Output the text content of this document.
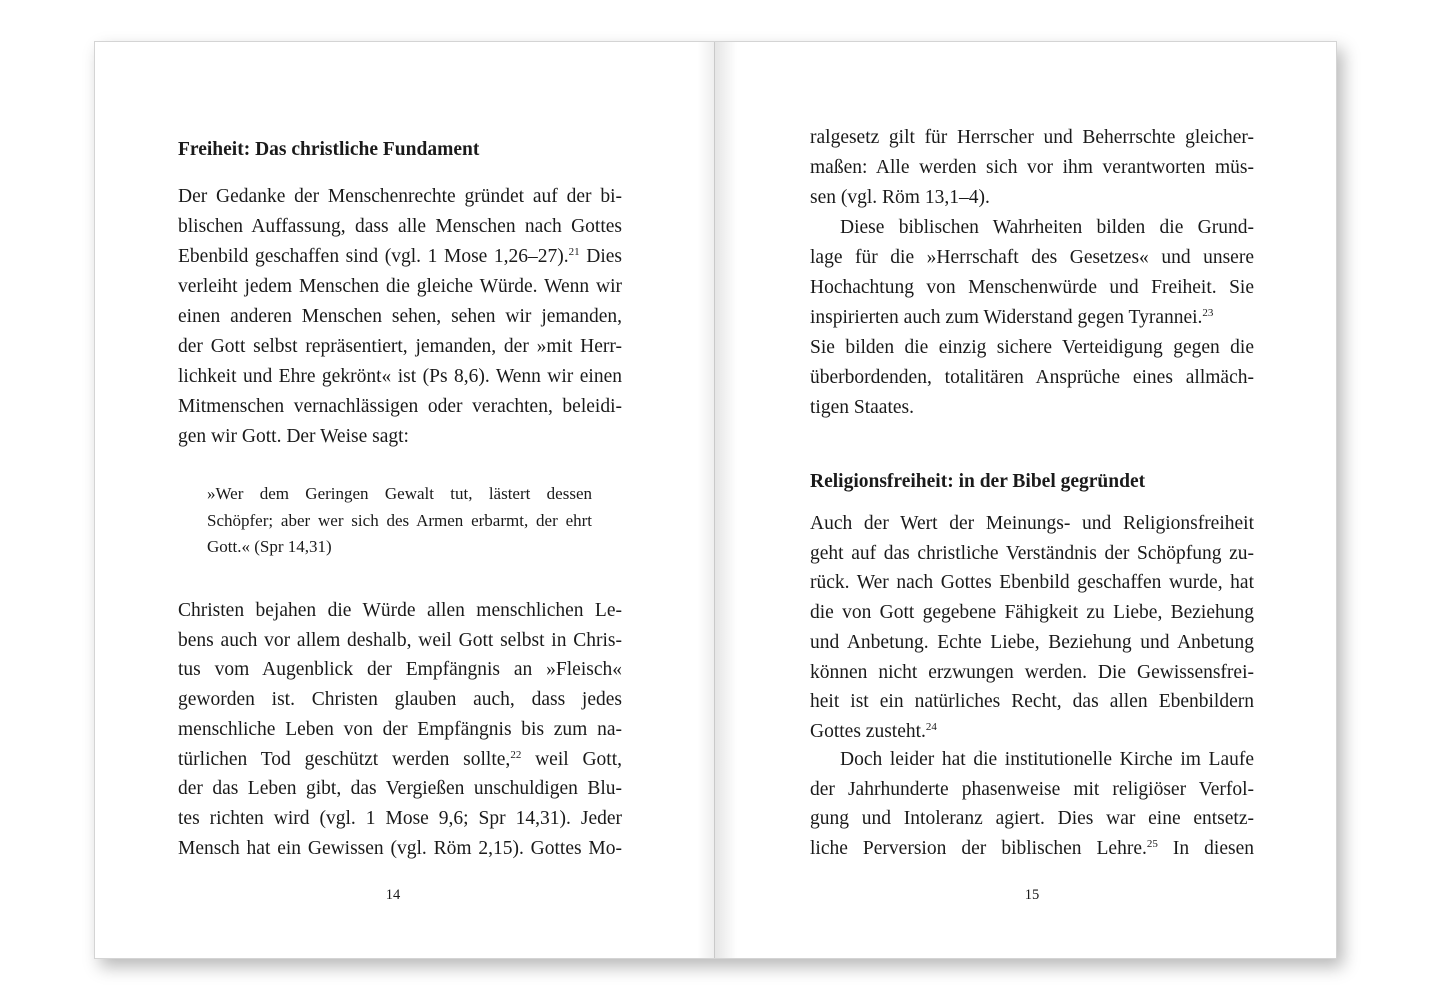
Freiheit: Das christliche Fundament
14
Der Gedanke der Menschenrechte gründet auf der bi-
blischen Auffassung, dass alle Menschen nach Gottes
Ebenbild geschaffen sind (vgl. 1 Mose 1,26–27).$^{21}$ Dies
verleiht jedem Menschen die gleiche Würde. Wenn wir
einen anderen Menschen sehen, sehen wir jemanden,
der Gott selbst repräsentiert, jemanden, der »mit Herr-
lichkeit und Ehre gekrönt« ist (Ps 8,6). Wenn wir einen
Mitmenschen vernachlässigen oder verachten, beleidi-
gen wir Gott. Der Weise sagt:
»Wer dem Geringen Gewalt tut, lästert dessen
Schöpfer; aber wer sich des Armen erbarmt, der ehrt
Gott.« (Spr 14,31)
Christen bejahen die Würde allen menschlichen Le-
bens auch vor allem deshalb, weil Gott selbst in Chris-
tus vom Augenblick der Empfängnis an »Fleisch«
geworden ist. Christen glauben auch, dass jedes
menschliche Leben von der Empfängnis bis zum na-
türlichen Tod geschützt werden sollte,$^{22}$ weil Gott,
der das Leben gibt, das Vergießen unschuldigen Blu-
tes richten wird (vgl. 1 Mose 9,6; Spr 14,31). Jeder
Mensch hat ein Gewissen (vgl. Röm 2,15). Gottes Mo-
Religionsfreiheit: in der Bibel gegründet
15
ralgesetz gilt für Herrscher und Beherrschte gleicher-
maßen: Alle werden sich vor ihm verantworten müs-
sen (vgl. Röm 13,1–4).
Diese biblischen Wahrheiten bilden die Grund-
lage für die »Herrschaft des Gesetzes« und unsere
Hochachtung von Menschenwürde und Freiheit. Sie
inspirierten auch zum Widerstand gegen Tyrannei.$^{23}$
Sie bilden die einzig sichere Verteidigung gegen die
überbordenden, totalitären Ansprüche eines allmäch-
tigen Staates.
Auch der Wert der Meinungs- und Religionsfreiheit
geht auf das christliche Verständnis der Schöpfung zu-
rück. Wer nach Gottes Ebenbild geschaffen wurde, hat
die von Gott gegebene Fähigkeit zu Liebe, Beziehung
und Anbetung. Echte Liebe, Beziehung und Anbetung
können nicht erzwungen werden. Die Gewissensfrei-
heit ist ein natürliches Recht, das allen Ebenbildern
Gottes zusteht.$^{24}$
Doch leider hat die institutionelle Kirche im Laufe
der Jahrhunderte phasenweise mit religiöser Verfol-
gung und Intoleranz agiert. Dies war eine entsetz-
liche Perversion der biblischen Lehre.$^{25}$ In diesen
